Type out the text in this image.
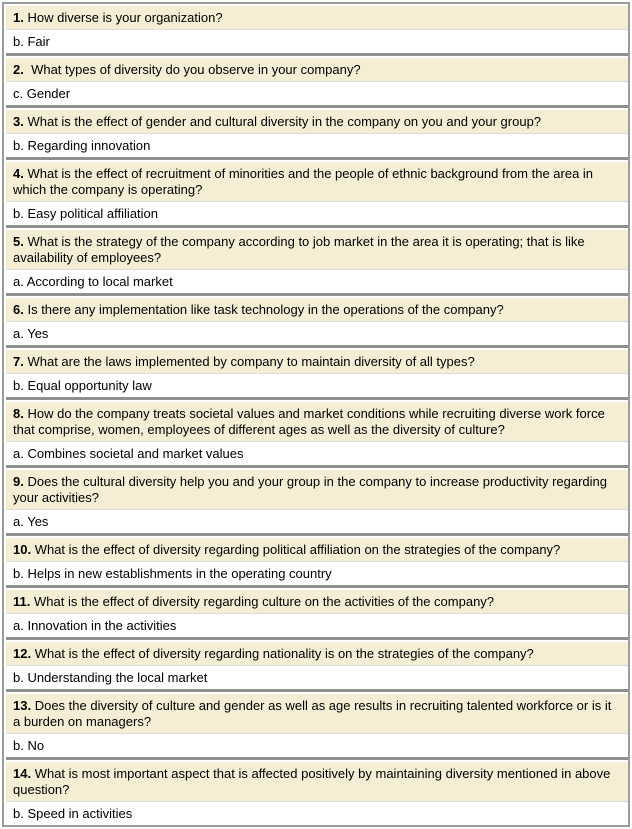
1. How diverse is your organization?
b. Fair
2.  What types of diversity do you observe in your company?
c. Gender
3. What is the effect of gender and cultural diversity in the company on you and your group?
b. Regarding innovation
4. What is the effect of recruitment of minorities and the people of ethnic background from the area in which the company is operating?
b. Easy political affiliation
5. What is the strategy of the company according to job market in the area it is operating; that is like availability of employees?
a. According to local market
6. Is there any implementation like task technology in the operations of the company?
a. Yes
7. What are the laws implemented by company to maintain diversity of all types?
b. Equal opportunity law
8. How do the company treats societal values and market conditions while recruiting diverse work force that comprise, women, employees of different ages as well as the diversity of culture?
a. Combines societal and market values
9. Does the cultural diversity help you and your group in the company to increase productivity regarding your activities?
a. Yes
10. What is the effect of diversity regarding political affiliation on the strategies of the company?
b. Helps in new establishments in the operating country
11. What is the effect of diversity regarding culture on the activities of the company?
a. Innovation in the activities
12. What is the effect of diversity regarding nationality is on the strategies of the company?
b. Understanding the local market
13. Does the diversity of culture and gender as well as age results in recruiting talented workforce or is it a burden on managers?
b. No
14. What is most important aspect that is affected positively by maintaining diversity mentioned in above question?
b. Speed in activities
